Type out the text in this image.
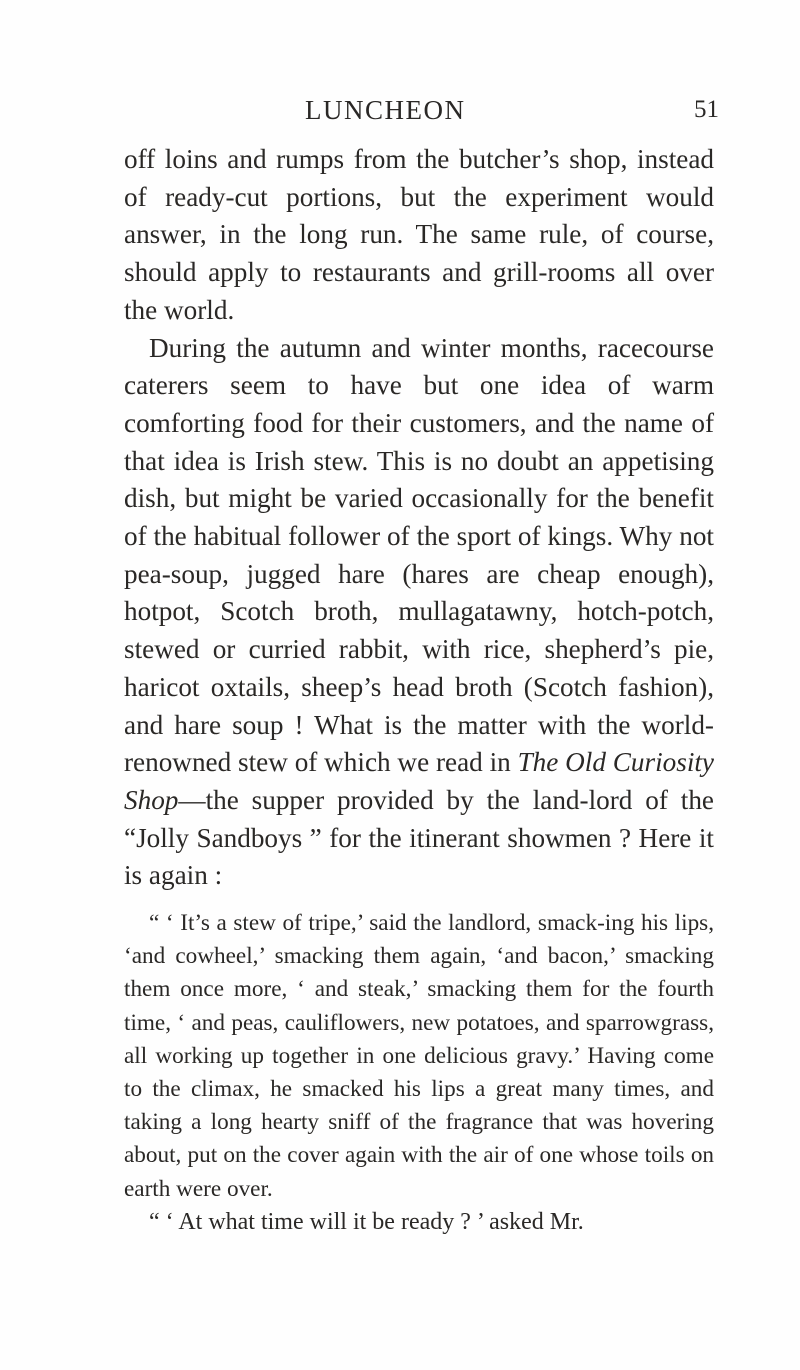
LUNCHEON	51

off loins and rumps from the butcher’s shop, instead of ready-cut portions, but the experiment would answer, in the long run. The same rule, of course, should apply to restaurants and grill-rooms all over the world.

During the autumn and winter months, racecourse caterers seem to have but one idea of warm comforting food for their customers, and the name of that idea is Irish stew. This is no doubt an appetising dish, but might be varied occasionally for the benefit of the habitual follower of the sport of kings. Why not pea-soup, jugged hare (hares are cheap enough), hotpot, Scotch broth, mullagatawny, hotch-potch, stewed or curried rabbit, with rice, shepherd’s pie, haricot oxtails, sheep’s head broth (Scotch fashion), and hare soup ! What is the matter with the world-renowned stew of which we read in The Old Curiosity Shop—the supper provided by the land-lord of the “Jolly Sandboys ” for the itinerant showmen ? Here it is again :

“ ‘ It’s a stew of tripe,’ said the landlord, smack-ing his lips, ‘and cowheel,’ smacking them again, ‘and bacon,’ smacking them once more, ‘ and steak,’ smacking them for the fourth time, ‘ and peas, cauliflowers, new potatoes, and sparrowgrass, all working up together in one delicious gravy.’ Having come to the climax, he smacked his lips a great many times, and taking a long hearty sniff of the fragrance that was hovering about, put on the cover again with the air of one whose toils on earth were over.

“ ‘ At what time will it be ready ? ’ asked Mr.
